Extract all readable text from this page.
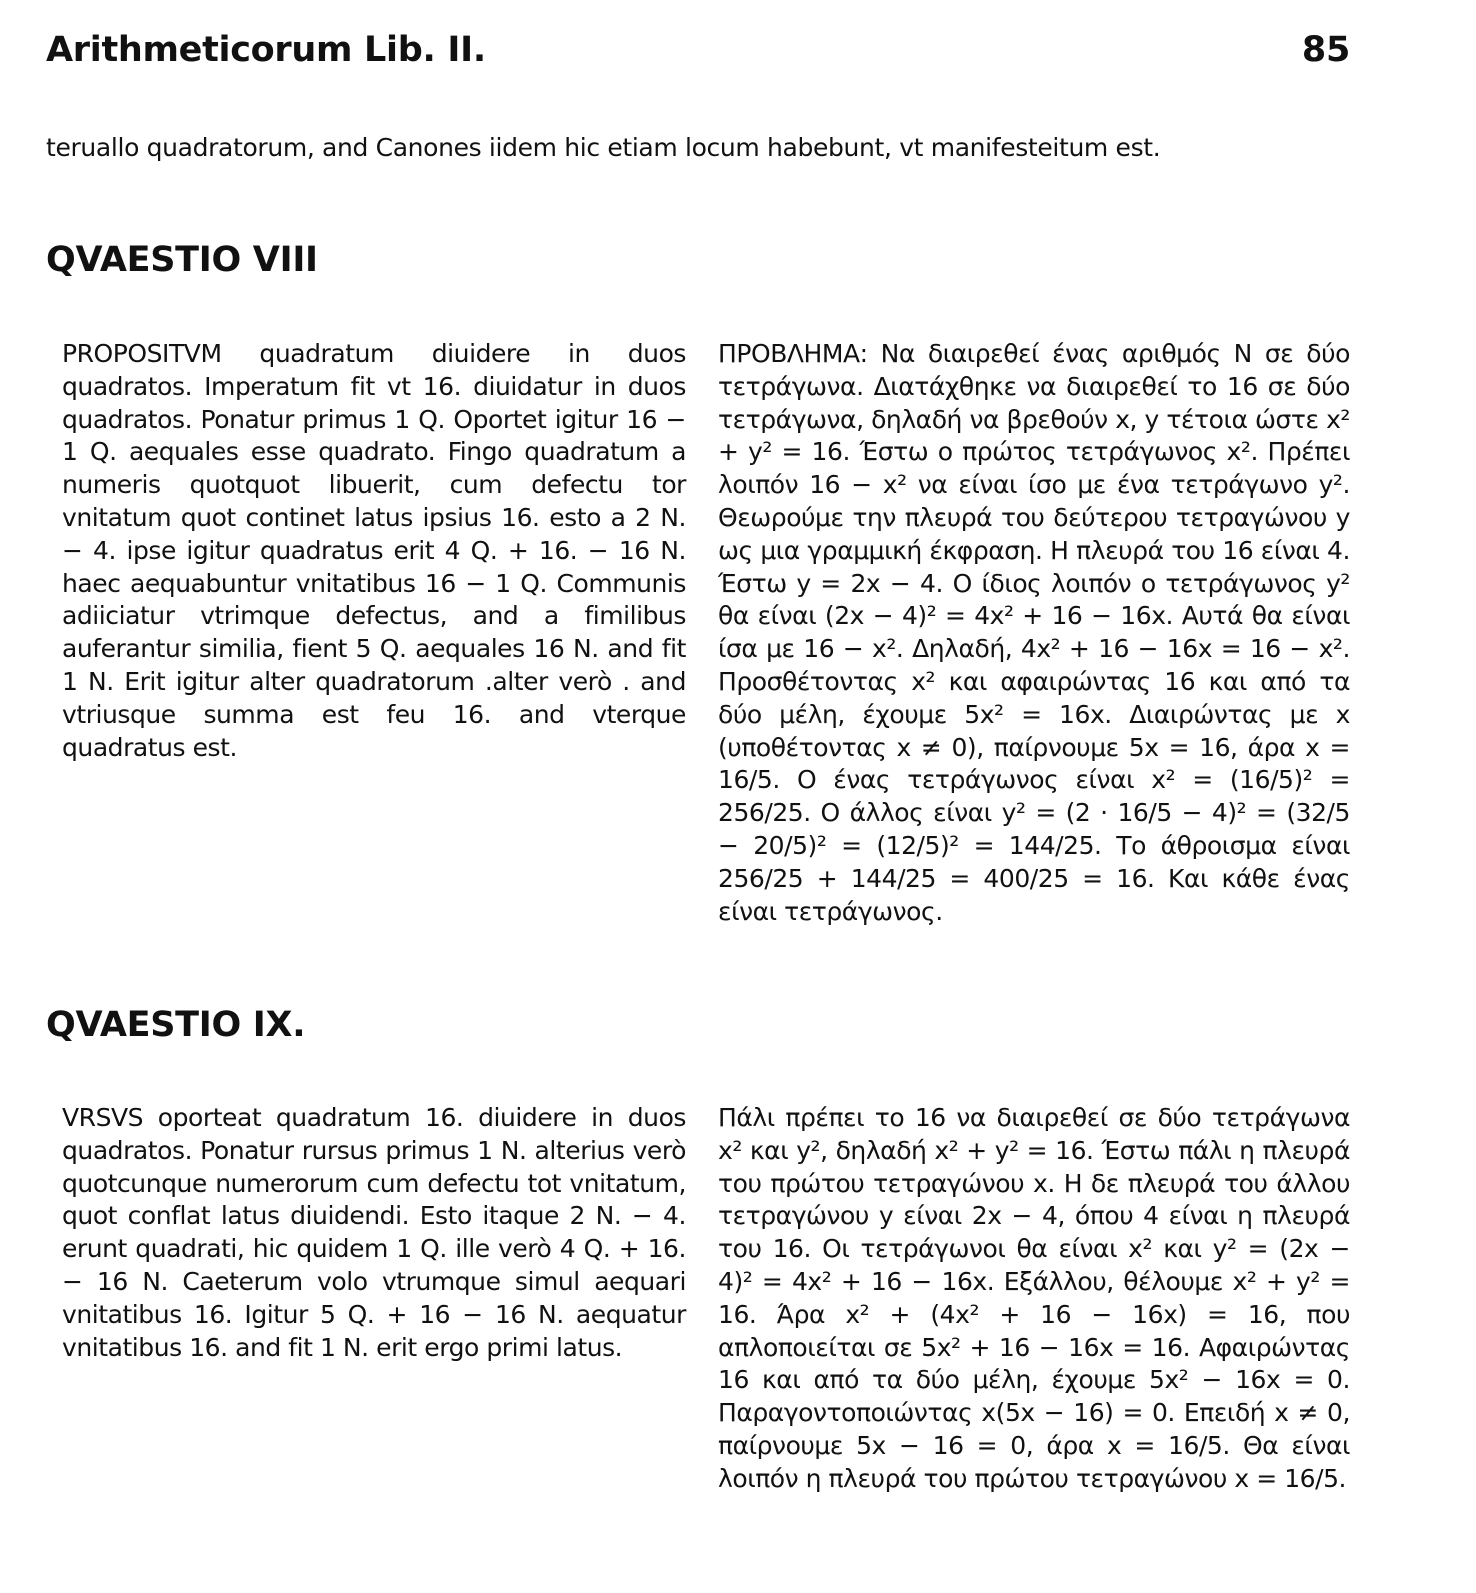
Arithmeticorum Lib. II.	85

teruallo quadratorum, and Canones iidem hic etiam locum habebunt, vt manifesteitum est.

QVAESTIO VIII

PROPOSITVM quadratum diuidere in duos quadratos. Imperatum fit vt 16. diuidatur in duos quadratos. Ponatur primus 1 Q. Oportet igitur 16 − 1 Q. aequales esse quadrato. Fingo quadratum a numeris quotquot libuerit, cum defectu tor vnitatum quot continet latus ipsius 16. esto a 2 N. − 4. ipse igitur quadratus erit 4 Q. + 16. − 16 N. haec aequabuntur vnitatibus 16 − 1 Q. Communis adiiciatur vtrimque defectus, and a fimilibus auferantur similia, fient 5 Q. aequales 16 N. and fit 1 N. Erit igitur alter quadratorum .alter verò . and vtriusque summa est feu 16. and vterque quadratus est.

ΠΡΟΒΛΗΜΑ: Να διαιρεθεί ένας αριθμός N σε δύο τετράγωνα. Διατάχθηκε να διαιρεθεί το 16 σε δύο τετράγωνα, δηλαδή να βρεθούν x, y τέτοια ώστε x² + y² = 16. Έστω ο πρώτος τετράγωνος x². Πρέπει λοιπόν 16 − x² να είναι ίσο με ένα τετράγωνο y². Θεωρούμε την πλευρά του δεύτερου τετραγώνου y ως μια γραμμική έκφραση. Η πλευρά του 16 είναι 4. Έστω y = 2x − 4. Ο ίδιος λοιπόν ο τετράγωνος y² θα είναι (2x − 4)² = 4x² + 16 − 16x. Αυτά θα είναι ίσα με 16 − x². Δηλαδή, 4x² + 16 − 16x = 16 − x². Προσθέτοντας x² και αφαιρώντας 16 και από τα δύο μέλη, έχουμε 5x² = 16x. Διαιρώντας με x (υποθέτοντας x ≠ 0), παίρνουμε 5x = 16, άρα x = 16/5. Ο ένας τετράγωνος είναι x² = (16/5)² = 256/25. Ο άλλος είναι y² = (2 · 16/5 − 4)² = (32/5 − 20/5)² = (12/5)² = 144/25. Το άθροισμα είναι 256/25 + 144/25 = 400/25 = 16. Και κάθε ένας είναι τετράγωνος.

QVAESTIO IX.

VRSVS oporteat quadratum 16. diuidere in duos quadratos. Ponatur rursus primus 1 N. alterius verò quotcunque numerorum cum defectu tot vnitatum, quot conflat latus diuidendi. Esto itaque 2 N. − 4. erunt quadrati, hic quidem 1 Q. ille verò 4 Q. + 16. − 16 N. Caeterum volo vtrumque simul aequari vnitatibus 16. Igitur 5 Q. + 16 − 16 N. aequatur vnitatibus 16. and fit 1 N. erit ergo primi latus.

Πάλι πρέπει το 16 να διαιρεθεί σε δύο τετράγωνα x² και y², δηλαδή x² + y² = 16. Έστω πάλι η πλευρά του πρώτου τετραγώνου x. Η δε πλευρά του άλλου τετραγώνου y είναι 2x − 4, όπου 4 είναι η πλευρά του 16. Οι τετράγωνοι θα είναι x² και y² = (2x − 4)² = 4x² + 16 − 16x. Εξάλλου, θέλουμε x² + y² = 16. Άρα x² + (4x² + 16 − 16x) = 16, που απλοποιείται σε 5x² + 16 − 16x = 16. Αφαιρώντας 16 και από τα δύο μέλη, έχουμε 5x² − 16x = 0. Παραγοντοποιώντας x(5x − 16) = 0. Επειδή x ≠ 0, παίρνουμε 5x − 16 = 0, άρα x = 16/5. Θα είναι λοιπόν η πλευρά του πρώτου τετραγώνου x = 16/5.
